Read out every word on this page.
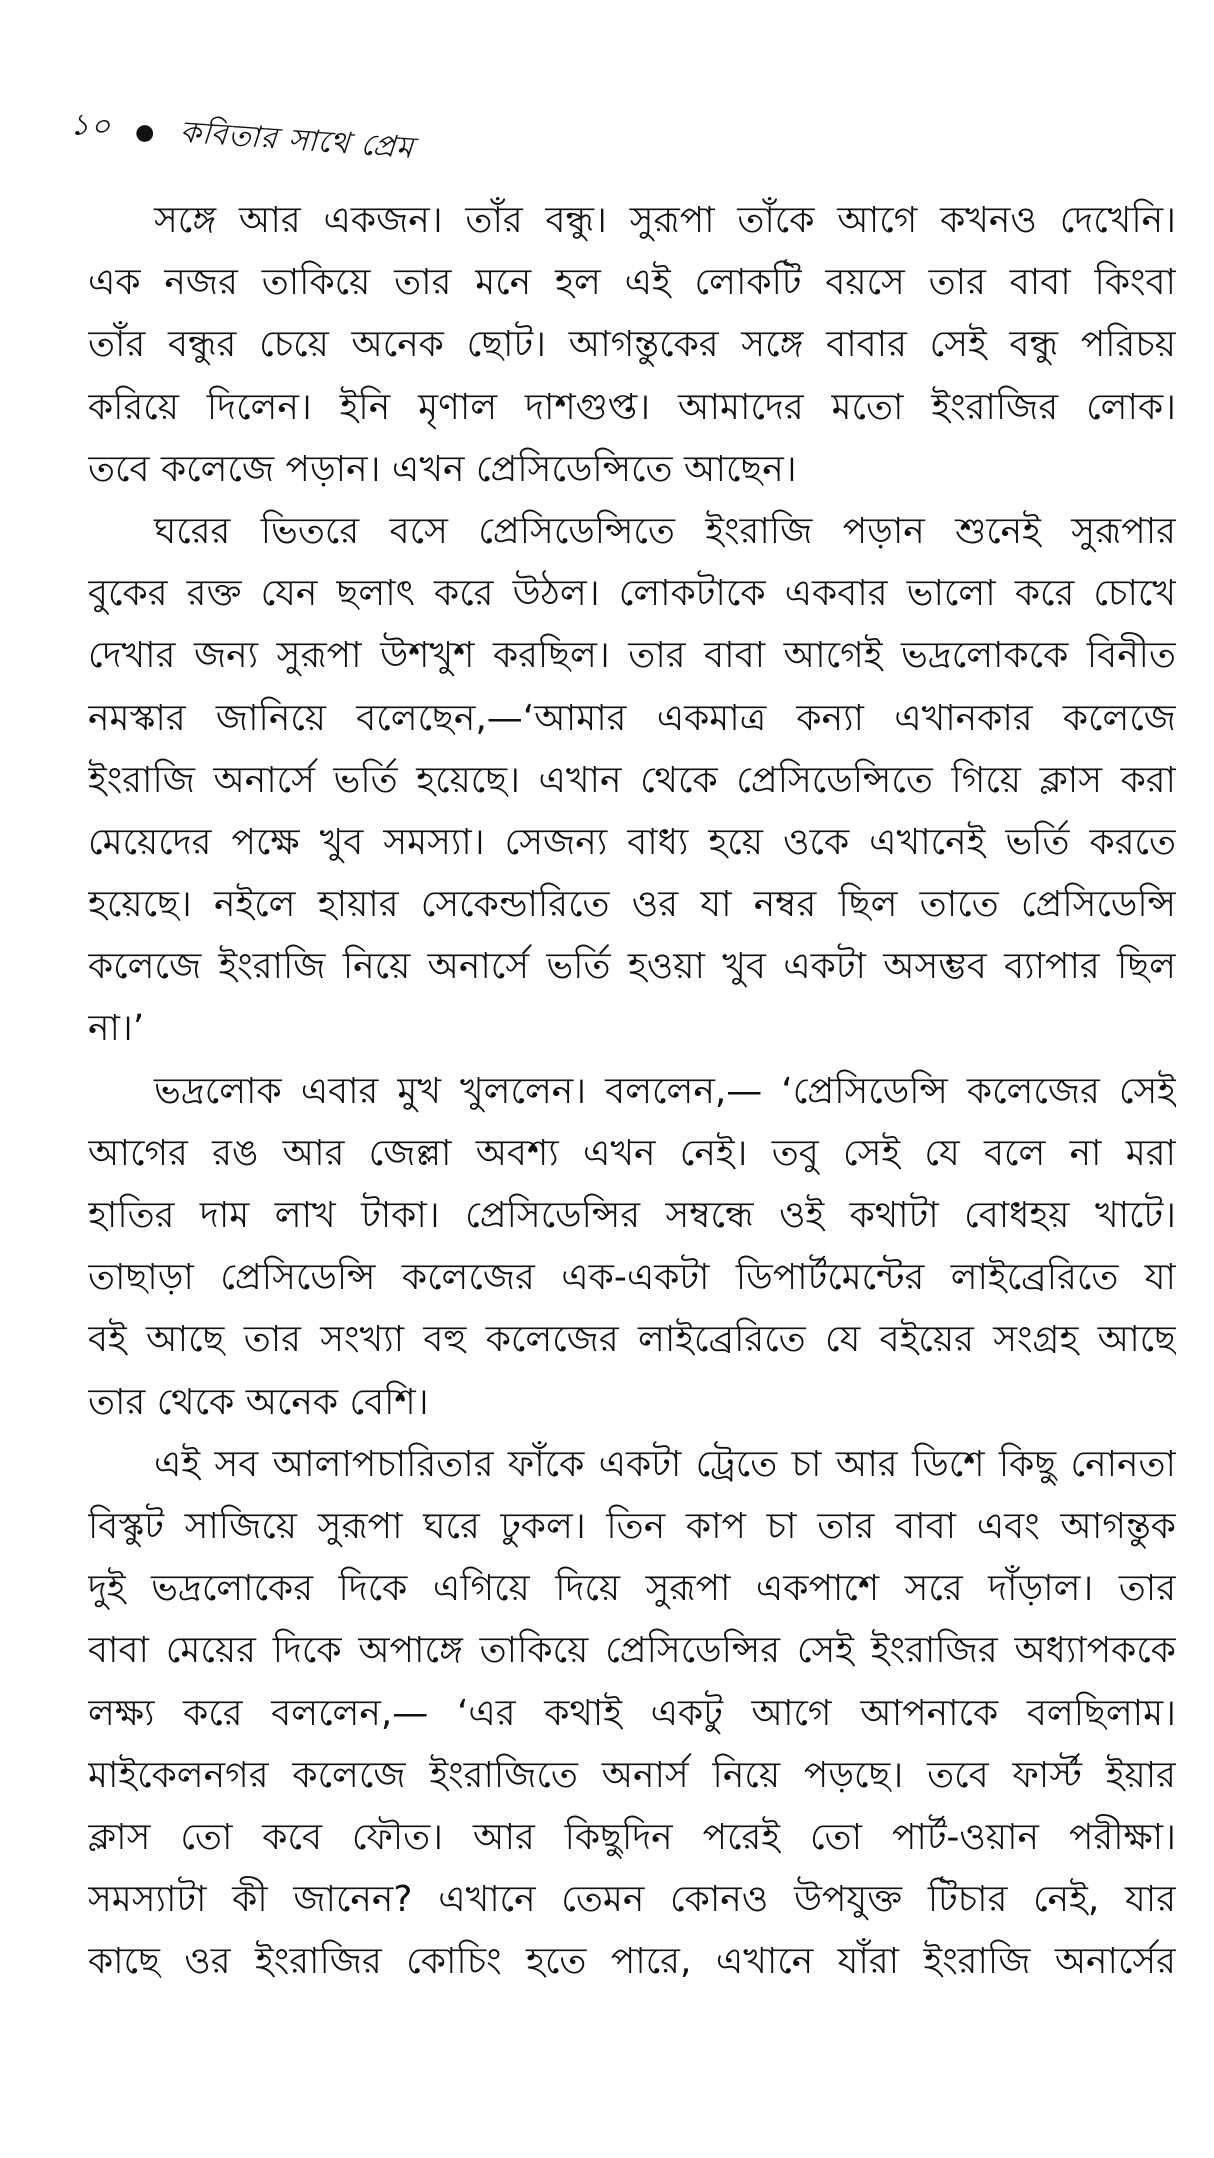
১০ ● কবিতার সাথে প্রেম
সঙ্গে আর একজন। তাঁর বন্ধু। সুরূপা তাঁকে আগে কখনও দেখেনি।
এক নজর তাকিয়ে তার মনে হল এই লোকটি বয়সে তার বাবা কিংবা
তাঁর বন্ধুর চেয়ে অনেক ছোট। আগন্তুকের সঙ্গে বাবার সেই বন্ধু পরিচয়
করিয়ে দিলেন। ইনি মৃণাল দাশগুপ্ত। আমাদের মতো ইংরাজির লোক।
তবে কলেজে পড়ান। এখন প্রেসিডেন্সিতে আছেন।
ঘরের ভিতরে বসে প্রেসিডেন্সিতে ইংরাজি পড়ান শুনেই সুরূপার
বুকের রক্ত যেন ছলাৎ করে উঠল। লোকটাকে একবার ভালো করে চোখে
দেখার জন্য সুরূপা উশখুশ করছিল। তার বাবা আগেই ভদ্রলোককে বিনীত
নমস্কার জানিয়ে বলেছেন,—‘আমার একমাত্র কন্যা এখানকার কলেজে
ইংরাজি অনার্সে ভর্তি হয়েছে। এখান থেকে প্রেসিডেন্সিতে গিয়ে ক্লাস করা
মেয়েদের পক্ষে খুব সমস্যা। সেজন্য বাধ্য হয়ে ওকে এখানেই ভর্তি করতে
হয়েছে। নইলে হায়ার সেকেন্ডারিতে ওর যা নম্বর ছিল তাতে প্রেসিডেন্সি
কলেজে ইংরাজি নিয়ে অনার্সে ভর্তি হওয়া খুব একটা অসম্ভব ব্যাপার ছিল
না।’
ভদ্রলোক এবার মুখ খুললেন। বললেন,— ‘প্রেসিডেন্সি কলেজের সেই
আগের রঙ আর জেল্লা অবশ্য এখন নেই। তবু সেই যে বলে না মরা
হাতির দাম লাখ টাকা। প্রেসিডেন্সির সম্বন্ধে ওই কথাটা বোধহয় খাটে।
তাছাড়া প্রেসিডেন্সি কলেজের এক-একটা ডিপার্টমেন্টের লাইব্রেরিতে যা
বই আছে তার সংখ্যা বহু কলেজের লাইব্রেরিতে যে বইয়ের সংগ্রহ আছে
তার থেকে অনেক বেশি।
এই সব আলাপচারিতার ফাঁকে একটা ট্রেতে চা আর ডিশে কিছু নোনতা
বিস্কুট সাজিয়ে সুরূপা ঘরে ঢুকল। তিন কাপ চা তার বাবা এবং আগন্তুক
দুই ভদ্রলোকের দিকে এগিয়ে দিয়ে সুরূপা একপাশে সরে দাঁড়াল। তার
বাবা মেয়ের দিকে অপাঙ্গে তাকিয়ে প্রেসিডেন্সির সেই ইংরাজির অধ্যাপককে
লক্ষ্য করে বললেন,— ‘এর কথাই একটু আগে আপনাকে বলছিলাম।
মাইকেলনগর কলেজে ইংরাজিতে অনার্স নিয়ে পড়ছে। তবে ফার্স্ট ইয়ার
ক্লাস তো কবে ফৌত। আর কিছুদিন পরেই তো পার্ট-ওয়ান পরীক্ষা।
সমস্যাটা কী জানেন? এখানে তেমন কোনও উপযুক্ত টিচার নেই, যার
কাছে ওর ইংরাজির কোচিং হতে পারে, এখানে যাঁরা ইংরাজি অনার্সের
